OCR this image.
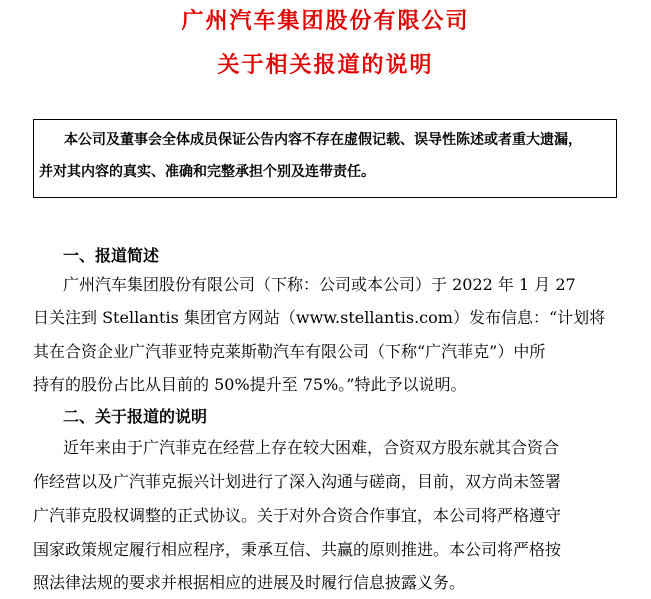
广州汽车集团股份有限公司
关于相关报道的说明
本公司及董事会全体成员保证公告内容不存在虚假记载、误导性陈述或者重大遗漏，
并对其内容的真实、准确和完整承担个别及连带责任。
一、报道简述
广州汽车集团股份有限公司（下称：公司或本公司）于 2022 年 1 月 27
日关注到 Stellantis 集团官方网站（www.stellantis.com）发布信息：“计划将
其在合资企业广汽菲亚特克莱斯勒汽车有限公司（下称“广汽菲克”）中所
持有的股份占比从目前的 50%提升至 75%。”特此予以说明。
二、关于报道的说明
近年来由于广汽菲克在经营上存在较大困难，合资双方股东就其合资合
作经营以及广汽菲克振兴计划进行了深入沟通与磋商，目前，双方尚未签署
广汽菲克股权调整的正式协议。关于对外合资合作事宜，本公司将严格遵守
国家政策规定履行相应程序，秉承互信、共赢的原则推进。本公司将严格按
照法律法规的要求并根据相应的进展及时履行信息披露义务。
